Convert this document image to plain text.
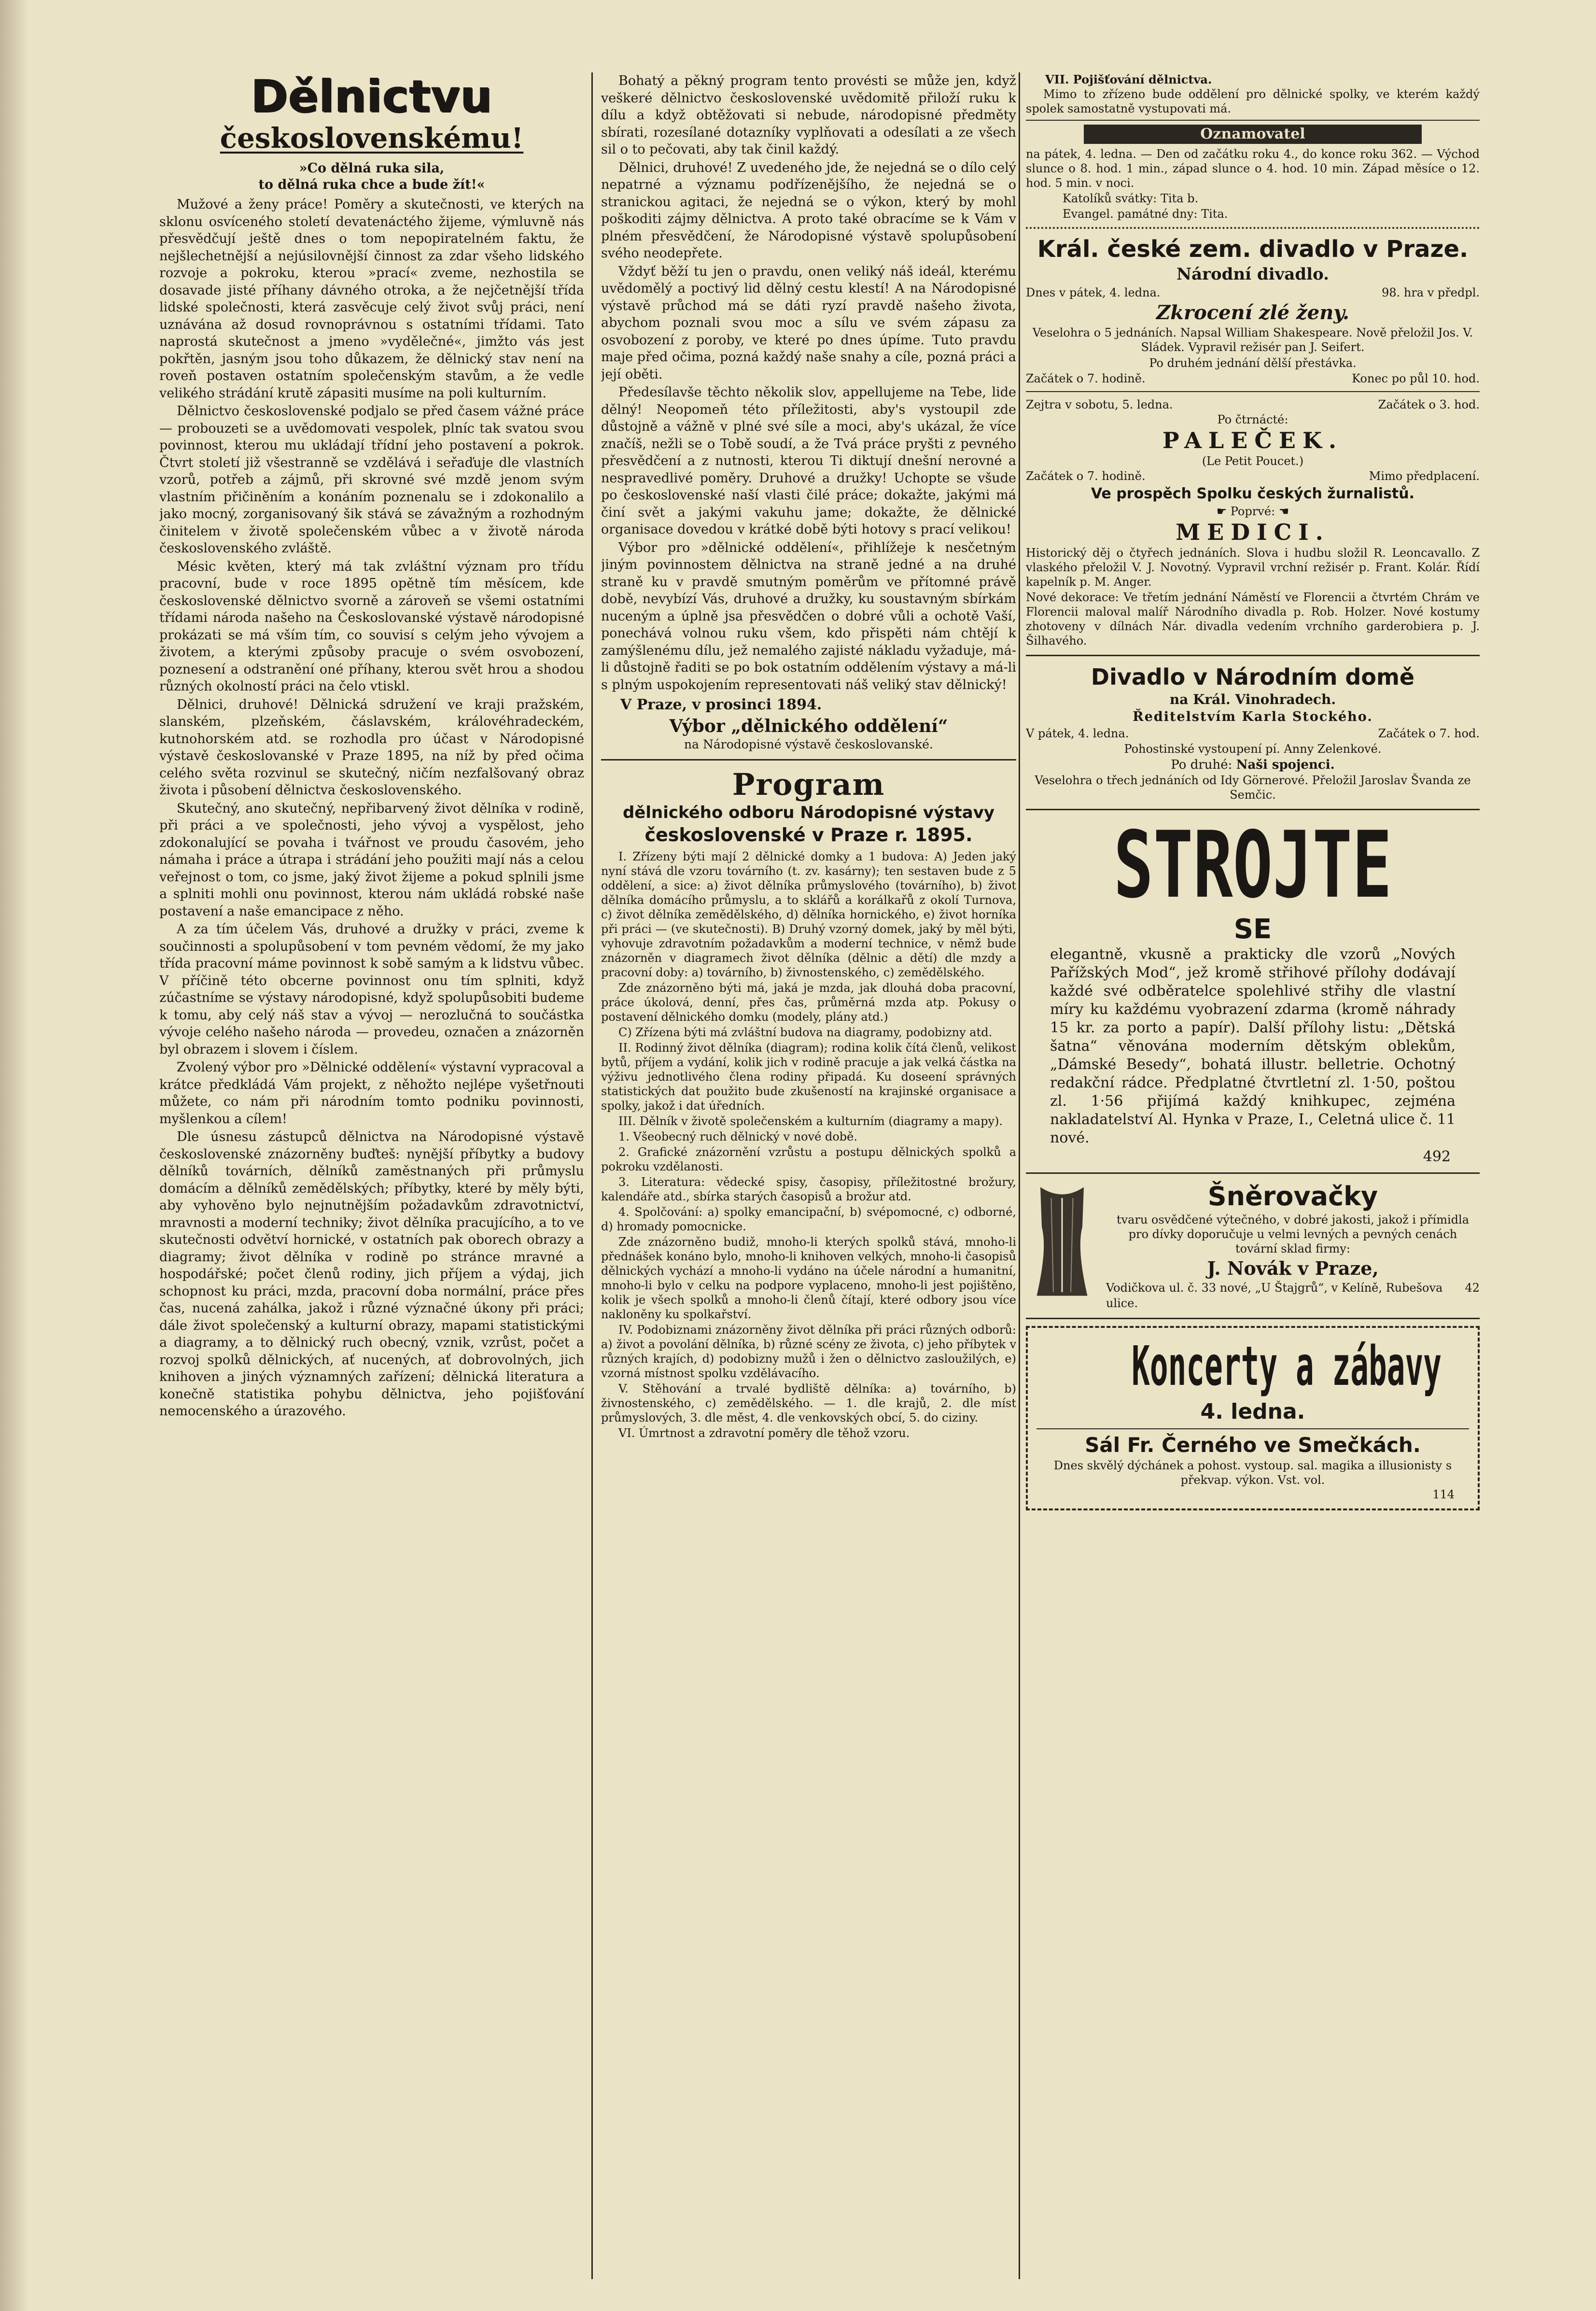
Dělnictvu
československému!
»Co dělná ruka sila,
to dělná ruka chce a bude žít!«

Mužové a ženy práce! Poměry a skutečnosti, ve kterých na sklonu osvíceného století devatenáctého žijeme, výmluvně nás přesvědčují ještě dnes o tom nepopiratelném faktu, že nejšlechetnější a nejúsilovnější činnost za zdar všeho lidského rozvoje a pokroku, kterou »prací« zveme, nezhostila se dosavade jisté příhany dávného otroka, a že nejčetnější třída lidské společnosti, která zasvěcuje celý život svůj práci, není uznávána až dosud rovnoprávnou s ostatními třídami. Tato naprostá skutečnost a jmeno »vydělečné«, jimžto vás jest pokřtěn, jasným jsou toho důkazem, že dělnický stav není na roveň postaven ostatním společenským stavům, a že vedle velikého strádání krutě zápasiti musíme na poli kulturním.

Dělnictvo československé podjalo se před časem vážné práce — probouzeti se a uvědomovati vespolek, plníc tak svatou svou povinnost, kterou mu ukládají třídní jeho postavení a pokrok. Čtvrt století již všestranně se vzdělává i seřaďuje dle vlastních vzorů, potřeb a zájmů, při skrovné své mzdě jenom svým vlastním přičiněním a konáním poznenalu se i zdokonalilo a jako mocný, zorganisovaný šik stává se závažným a rozhodným činitelem v životě společenském vůbec a v životě národa československého zvláště.

Mésic květen, který má tak zvláštní význam pro třídu pracovní, bude v roce 1895 opětně tím měsícem, kde československé dělnictvo svorně a zároveň se všemi ostatními třídami národa našeho na Českoslovanské výstavě národopisné prokázati se má vším tím, co souvisí s celým jeho vývojem a životem, a kterými způsoby pracuje o svém osvobození, poznesení a odstranění oné příhany, kterou svět hrou a shodou různých okolností práci na čelo vtiskl.

Dělnici, druhové! Dělnická sdružení ve kraji pražském, slanském, plzeňském, čáslavském, královéhradeckém, kutnohorském atd. se rozhodla pro účast v Národopisné výstavě českoslovanské v Praze 1895, na níž by před očima celého světa rozvinul se skutečný, ničím nezfalšovaný obraz života i působení dělnictva československého.

Skutečný, ano skutečný, nepřibarvený život dělníka v rodině, při práci a ve společnosti, jeho vývoj a vyspělost, jeho zdokonalující se povaha i tvářnost ve proudu časovém, jeho námaha i práce a útrapa i strádání jeho použiti mají nás a celou veřejnost o tom, co jsme, jaký život žijeme a pokud splnili jsme a splniti mohli onu povinnost, kterou nám ukládá robské naše postavení a naše emancipace z něho.

A za tím účelem Vás, druhové a družky v práci, zveme k součinnosti a spolupůsobení v tom pevném vědomí, že my jako třída pracovní máme povinnost k sobě samým a k lidstvu vůbec. V příčině této obcerne povinnost onu tím splniti, když zúčastníme se výstavy národopisné, když spolupůsobiti budeme k tomu, aby celý náš stav a vývoj — nerozlučná to součástka vývoje celého našeho národa — provedeu, označen a znázorněn byl obrazem i slovem i číslem.

Zvolený výbor pro »Dělnické oddělení« výstavní vypracoval a krátce předkládá Vám projekt, z něhožto nejlépe vyšetřnouti můžete, co nám při národním tomto podniku povinnosti, myšlenkou a cílem!

Dle úsnesu zástupců dělnictva na Národopisné výstavě československé znázorněny buďteš: nynější příbytky a budovy dělníků továrních, dělníků zaměstnaných při průmyslu domácím a dělníků zemědělských; příbytky, které by měly býti, aby vyhověno bylo nejnutnějším požadavkům zdravotnictví, mravnosti a moderní techniky; život dělníka pracujícího, a to ve skutečnosti odvětví hornické, v ostatních pak oborech obrazy a diagramy; život dělníka v rodině po stránce mravné a hospodářské; počet členů rodiny, jich příjem a výdaj, jich schopnost ku práci, mzda, pracovní doba normální, práce přes čas, nucená zahálka, jakož i různé význačné úkony při práci; dále život společenský a kulturní obrazy, mapami statistickými a diagramy, a to dělnický ruch obecný, vznik, vzrůst, počet a rozvoj spolků dělnických, ať nucených, ať dobrovolných, jich knihoven a jiných významných zařízení; dělnická literatura a konečně statistika pohybu dělnictva, jeho pojišťování nemocenského a úrazového.

Bohatý a pěkný program tento provésti se může jen, když veškeré dělnictvo československé uvědomitě přiloží ruku k dílu a když obtěžovati si nebude, národopisné předměty sbírati, rozesílané dotazníky vyplňovati a odesílati a ze všech sil o to pečovati, aby tak činil každý.

Dělnici, druhové! Z uvedeného jde, že nejedná se o dílo celý nepatrné a významu podřízenějšího, že nejedná se o stranickou agitaci, že nejedná se o výkon, který by mohl poškoditi zájmy dělnictva. A proto také obracíme se k Vám v plném přesvědčení, že Národopisné výstavě spolupůsobení svého neodepřete.

Vždyť běží tu jen o pravdu, onen veliký náš ideál, kterému uvědomělý a poctivý lid dělný cestu klestí! A na Národopisné výstavě průchod má se dáti ryzí pravdě našeho života, abychom poznali svou moc a sílu ve svém zápasu za osvobození z poroby, ve které po dnes úpíme. Tuto pravdu maje před očima, pozná každý naše snahy a cíle, pozná práci a její oběti.

Předesílavše těchto několik slov, appellujeme na Tebe, lide dělný! Neopomeň této příležitosti, aby's vystoupil zde důstojně a vážně v plné své síle a moci, aby's ukázal, že více značíš, nežli se o Tobě soudí, a že Tvá práce pryšti z pevného přesvědčení a z nutnosti, kterou Ti diktují dnešní nerovné a nespravedlivé poměry. Druhové a družky! Uchopte se všude po československé naší vlasti čilé práce; dokažte, jakými má činí svět a jakými vakuhu jame; dokažte, že dělnické organisace dovedou v krátké době býti hotovy s prací velikou!

Výbor pro »dělnické oddělení«, přihlížeje k nesčetným jiným povinnostem dělnictva na straně jedné a na druhé straně ku v pravdě smutným poměrům ve přítomné právě době, nevybízí Vás, druhové a družky, ku soustavným sbírkám nuceným a úplně jsa přesvědčen o dobré vůli a ochotě Vaší, ponechává volnou ruku všem, kdo přispěti nám chtějí k zamýšlenému dílu, jež nemalého zajisté nákladu vyžaduje, má-li důstojně řaditi se po bok ostatním oddělením výstavy a má-li s plným uspokojením representovati náš veliký stav dělnický!

V Praze, v prosinci 1894.
Výbor „dělnického oddělení“
na Národopisné výstavě českoslovanské.
Program
dělnického odboru Národopisné výstavy
československé v Praze r. 1895.

I. Zřízeny býti mají 2 dělnické domky a 1 budova: A) Jeden jaký nyní stává dle vzoru továrního (t. zv. kasárny); ten sestaven bude z 5 oddělení, a sice: a) život dělníka průmyslového (továrního), b) život dělníka domácího průmyslu, a to sklářů a korálkařů z okolí Turnova, c) život dělníka zemědělského, d) dělníka hornického, e) život horníka při práci — (ve skutečnosti). B) Druhý vzorný domek, jaký by měl býti, vyhovuje zdravotním požadavkům a moderní technice, v němž bude znázorněn v diagramech život dělníka (dělnic a dětí) dle mzdy a pracovní doby: a) továrního, b) živnostenského, c) zemědělského.

Zde znázorněno býti má, jaká je mzda, jak dlouhá doba pracovní, práce úkolová, denní, přes čas, průměrná mzda atp. Pokusy o postavení dělnického domku (modely, plány atd.)

C) Zřízena býti má zvláštní budova na diagramy, podobizny atd.

II. Rodinný život dělníka (diagram); rodina kolik čítá členů, velikost bytů, příjem a vydání, kolik jich v rodině pracuje a jak velká částka na výživu jednotlivého člena rodiny připadá. Ku doseení správných statistických dat použito bude zkušeností na krajinské organisace a spolky, jakož i dat úředních.

III. Dělník v životě společenském a kulturním (diagramy a mapy).

1. Všeobecný ruch dělnický v nové době.

2. Grafické znázornění vzrůstu a postupu dělnických spolků a pokroku vzdělanosti.

3. Literatura: vědecké spisy, časopisy, příležitostné brožury, kalendáře atd., sbírka starých časopisů a brožur atd.

4. Spolčování: a) spolky emancipační, b) svépomocné, c) odborné, d) hromady pomocnicke.

Zde znázorněno budiž, mnoho-li kterých spolků stává, mnoho-li přednášek konáno bylo, mnoho-li knihoven velkých, mnoho-li časopisů dělnických vychází a mnoho-li vydáno na účele národní a humanitní, mnoho-li bylo v celku na podpore vyplaceno, mnoho-li jest pojištěno, kolik je všech spolků a mnoho-li členů čítají, které odbory jsou více nakloněny ku spolkařství.

IV. Podobiznami znázorněny život dělníka při práci různých odborů: a) život a povolání dělníka, b) různé scény ze života, c) jeho příbytek v různých krajích, d) podobizny mužů i žen o dělnictvo zasloužilých, e) vzorná místnost spolku vzdělávacího.

V. Stěhování a trvalé bydliště dělníka: a) továrního, b) živnostenského, c) zemědělského. — 1. dle krajů, 2. dle míst průmyslových, 3. dle měst, 4. dle venkovských obcí, 5. do ciziny.

VI. Úmrtnost a zdravotní poměry dle těhož vzoru.

VII. Pojišťování dělnictva.

Mimo to zřízeno bude oddělení pro dělnické spolky, ve kterém každý spolek samostatně vystupovati má.

Oznamovatel

na pátek, 4. ledna. — Den od začátku roku 4., do konce roku 362. — Východ slunce o 8. hod. 1 min., západ slunce o 4. hod. 10 min. Západ měsíce o 12. hod. 5 min. v noci.

Katolíků svátky: Tita b.

Evangel. památné dny: Tita.

Král. české zem. divadlo v Praze.
Národní divadlo.
Dnes v pátek, 4. ledna.	98. hra v předpl.
Zkrocení zlé ženy.

Veselohra o 5 jednáních. Napsal William Shakespeare. Nově přeložil Jos. V. Sládek. Vypravil režisér pan J. Seifert.

Po druhém jednání dělší přestávka.
Začátek o 7. hodině.	Konec po půl 10. hod.
Zejtra v sobotu, 5. ledna.	Začátek o 3. hod.
Po čtrnácté:
PALEČEK.
(Le Petit Poucet.)
Začátek o 7. hodině.	Mimo předplacení.
Ve prospěch Spolku českých žurnalistů.
☛ Poprvé: ☚
MEDICI.

Historický děj o čtyřech jednáních. Slova i hudbu složil R. Leoncavallo. Z vlaského přeložil V. J. Novotný. Vypravil vrchní režisér p. Frant. Kolár. Řídí kapelník p. M. Anger.

Nové dekorace: Ve třetím jednání Náměstí ve Florencii a čtvrtém Chrám ve Florencii maloval malíř Národního divadla p. Rob. Holzer. Nové kostumy zhotoveny v dílnách Nár. divadla vedením vrchního garderobiera p. J. Šilhavého.

Divadlo v Národním domě
na Král. Vinohradech.
Ředitelstvím Karla Stockého.
V pátek, 4. ledna.	Začátek o 7. hod.
Pohostinské vystoupení pí. Anny Zelenkové.
Po druhé: Naši spojenci.
Veselohra o třech jednáních od Idy Görnerové. Přeložil Jaroslav Švanda ze Semčic.
STROJTE
SE

elegantně, vkusně a prakticky dle vzorů „Nových Pařížských Mod“, jež kromě střihové přílohy dodávají každé své odběratelce spolehlivé střihy dle vlastní míry ku každému vyobrazení zdarma (kromě náhrady 15 kr. za porto a papír). Další přílohy listu: „Dětská šatna“ věnována moderním dětským oblekům, „Dámské Besedy“, bohatá illustr. belletrie. Ochotný redakční rádce. Předplatné čtvrtletní zl. 1·50, poštou zl. 1·56 přijímá každý knihkupec, zejména nakladatelství Al. Hynka v Praze, I., Celetná ulice č. 11 nové.

492
Šněrovačky

tvaru osvědčené výtečného, v dobré jakosti, jakož i přímidla pro dívky doporučuje u velmi levných a pevných cenách tovární sklad firmy:

J. Novák v Praze,
Vodičkova ul. č. 33 nové, „U Štajgrů“, v Kelíně, Rubešova ulice.
42
Koncerty a zábavy
4. ledna.
Sál Fr. Černého ve Smečkách.
Dnes skvělý dýchánek a pohost. vystoup. sal. magika a illusionisty s překvap. výkon. Vst. vol.
114
